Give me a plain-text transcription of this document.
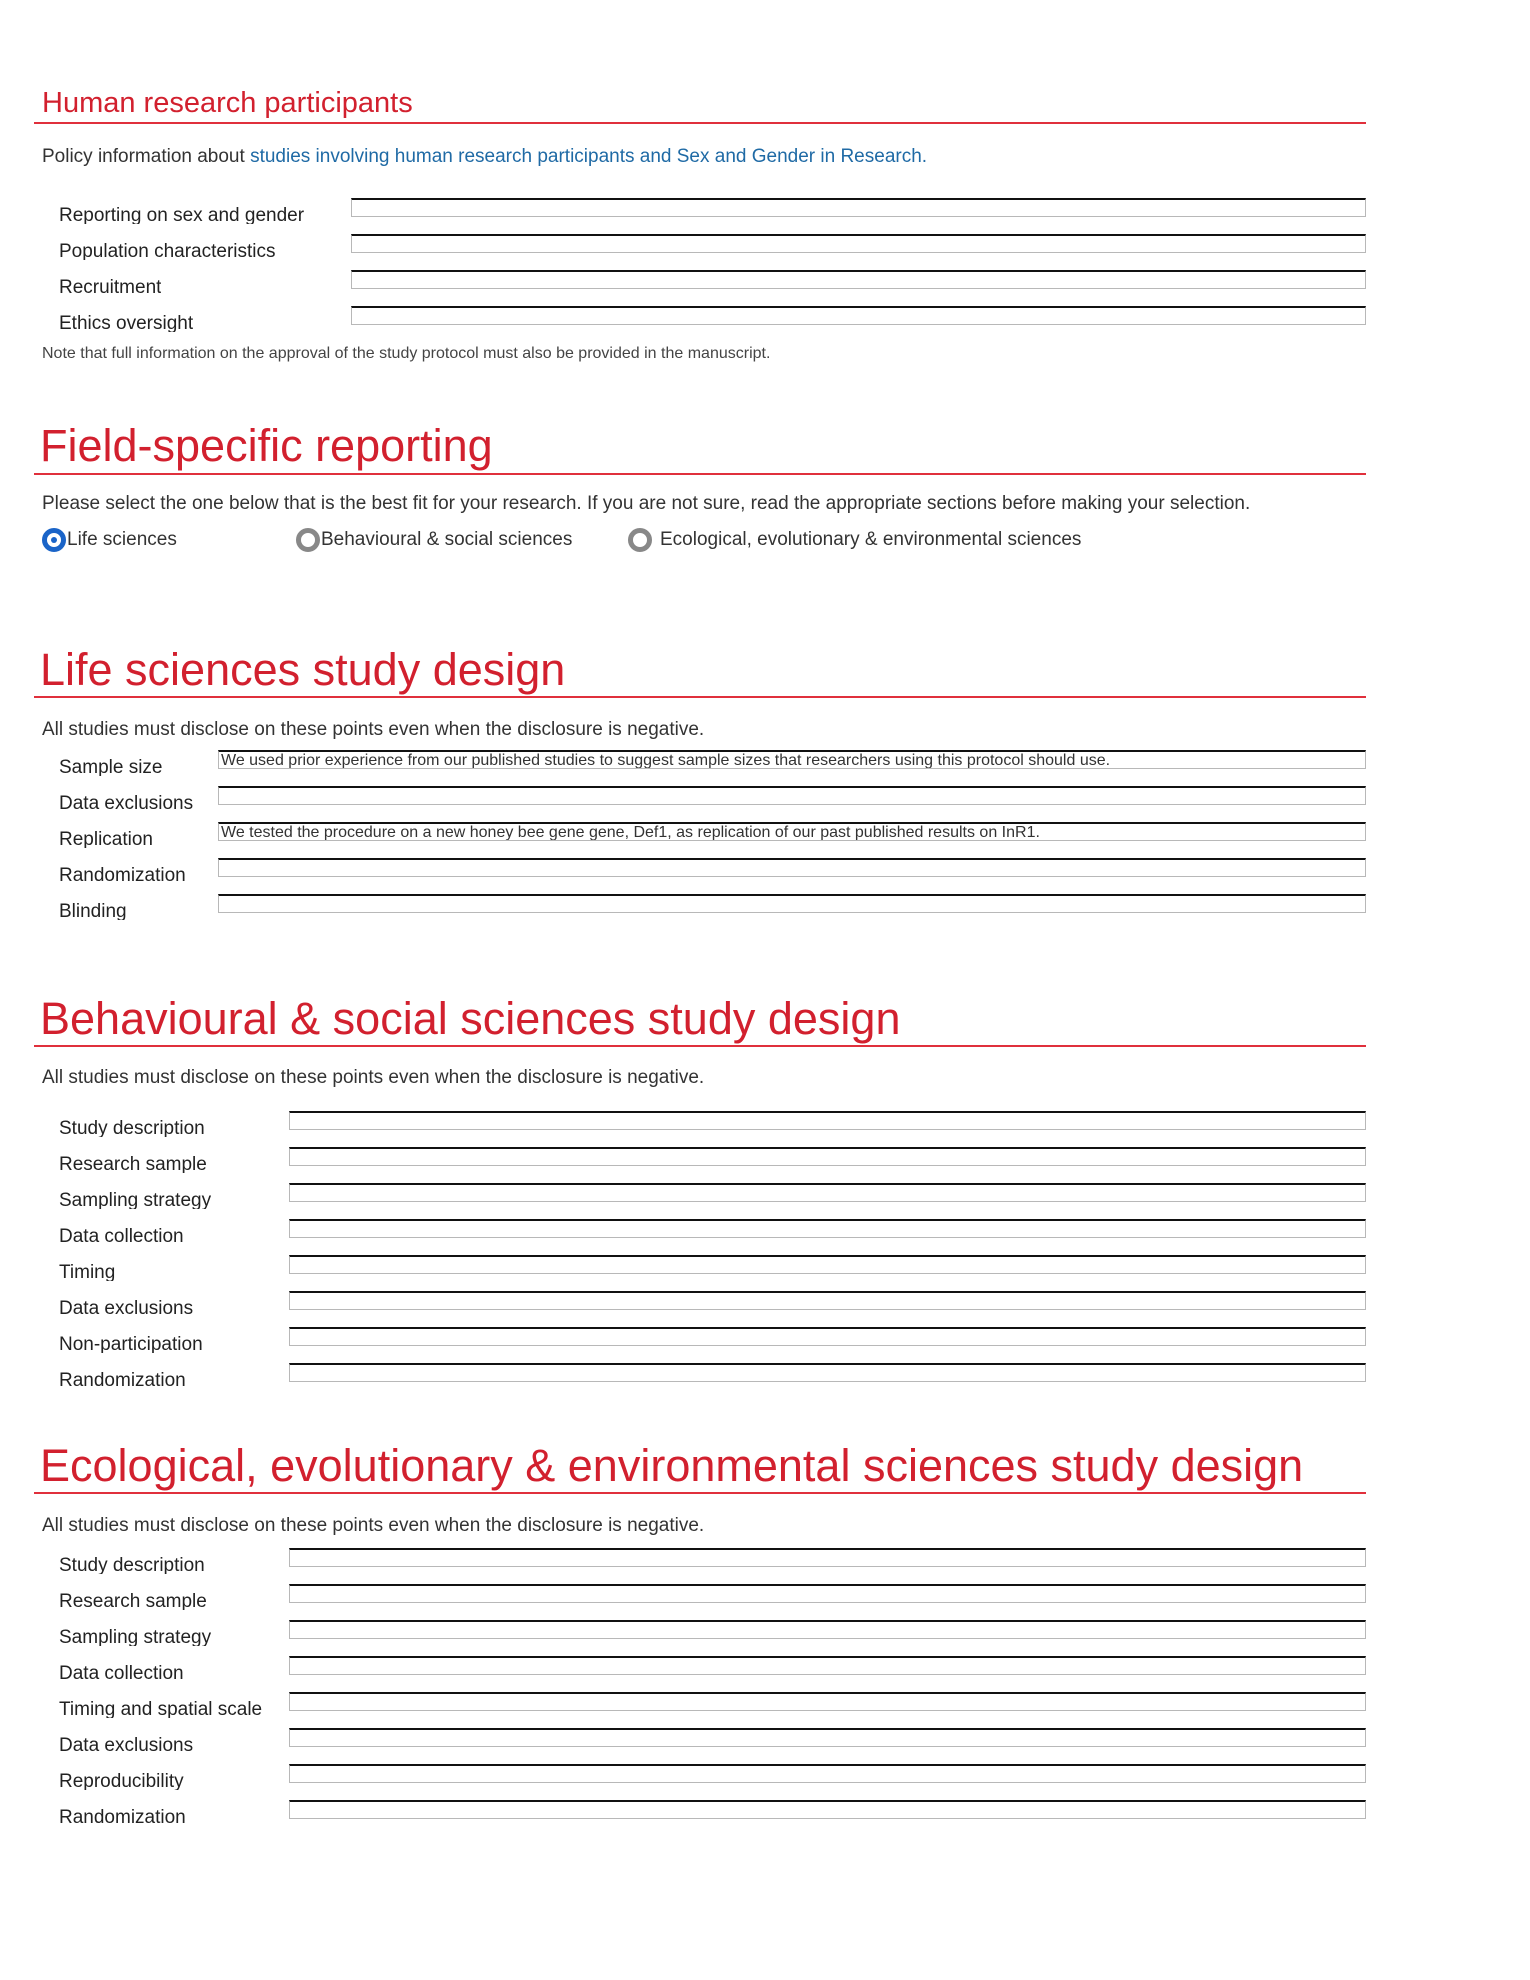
Human research participants
Policy information about studies involving human research participants and Sex and Gender in Research.
Reporting on sex and gender
Population characteristics
Recruitment
Ethics oversight
Note that full information on the approval of the study protocol must also be provided in the manuscript.
Field-specific reporting
Please select the one below that is the best fit for your research. If you are not sure, read the appropriate sections before making your selection.
Life sciences	Behavioural & social sciences	Ecological, evolutionary & environmental sciences
Life sciences study design
All studies must disclose on these points even when the disclosure is negative.
Sample size	We used prior experience from our published studies to suggest sample sizes that researchers using this protocol should use.
Data exclusions
Replication	We tested the procedure on a new honey bee gene gene, Def1, as replication of our past published results on InR1.
Randomization
Blinding
Behavioural & social sciences study design
All studies must disclose on these points even when the disclosure is negative.
Study description
Research sample
Sampling strategy
Data collection
Timing
Data exclusions
Non-participation
Randomization
Ecological, evolutionary & environmental sciences study design
All studies must disclose on these points even when the disclosure is negative.
Study description
Research sample
Sampling strategy
Data collection
Timing and spatial scale
Data exclusions
Reproducibility
Randomization
